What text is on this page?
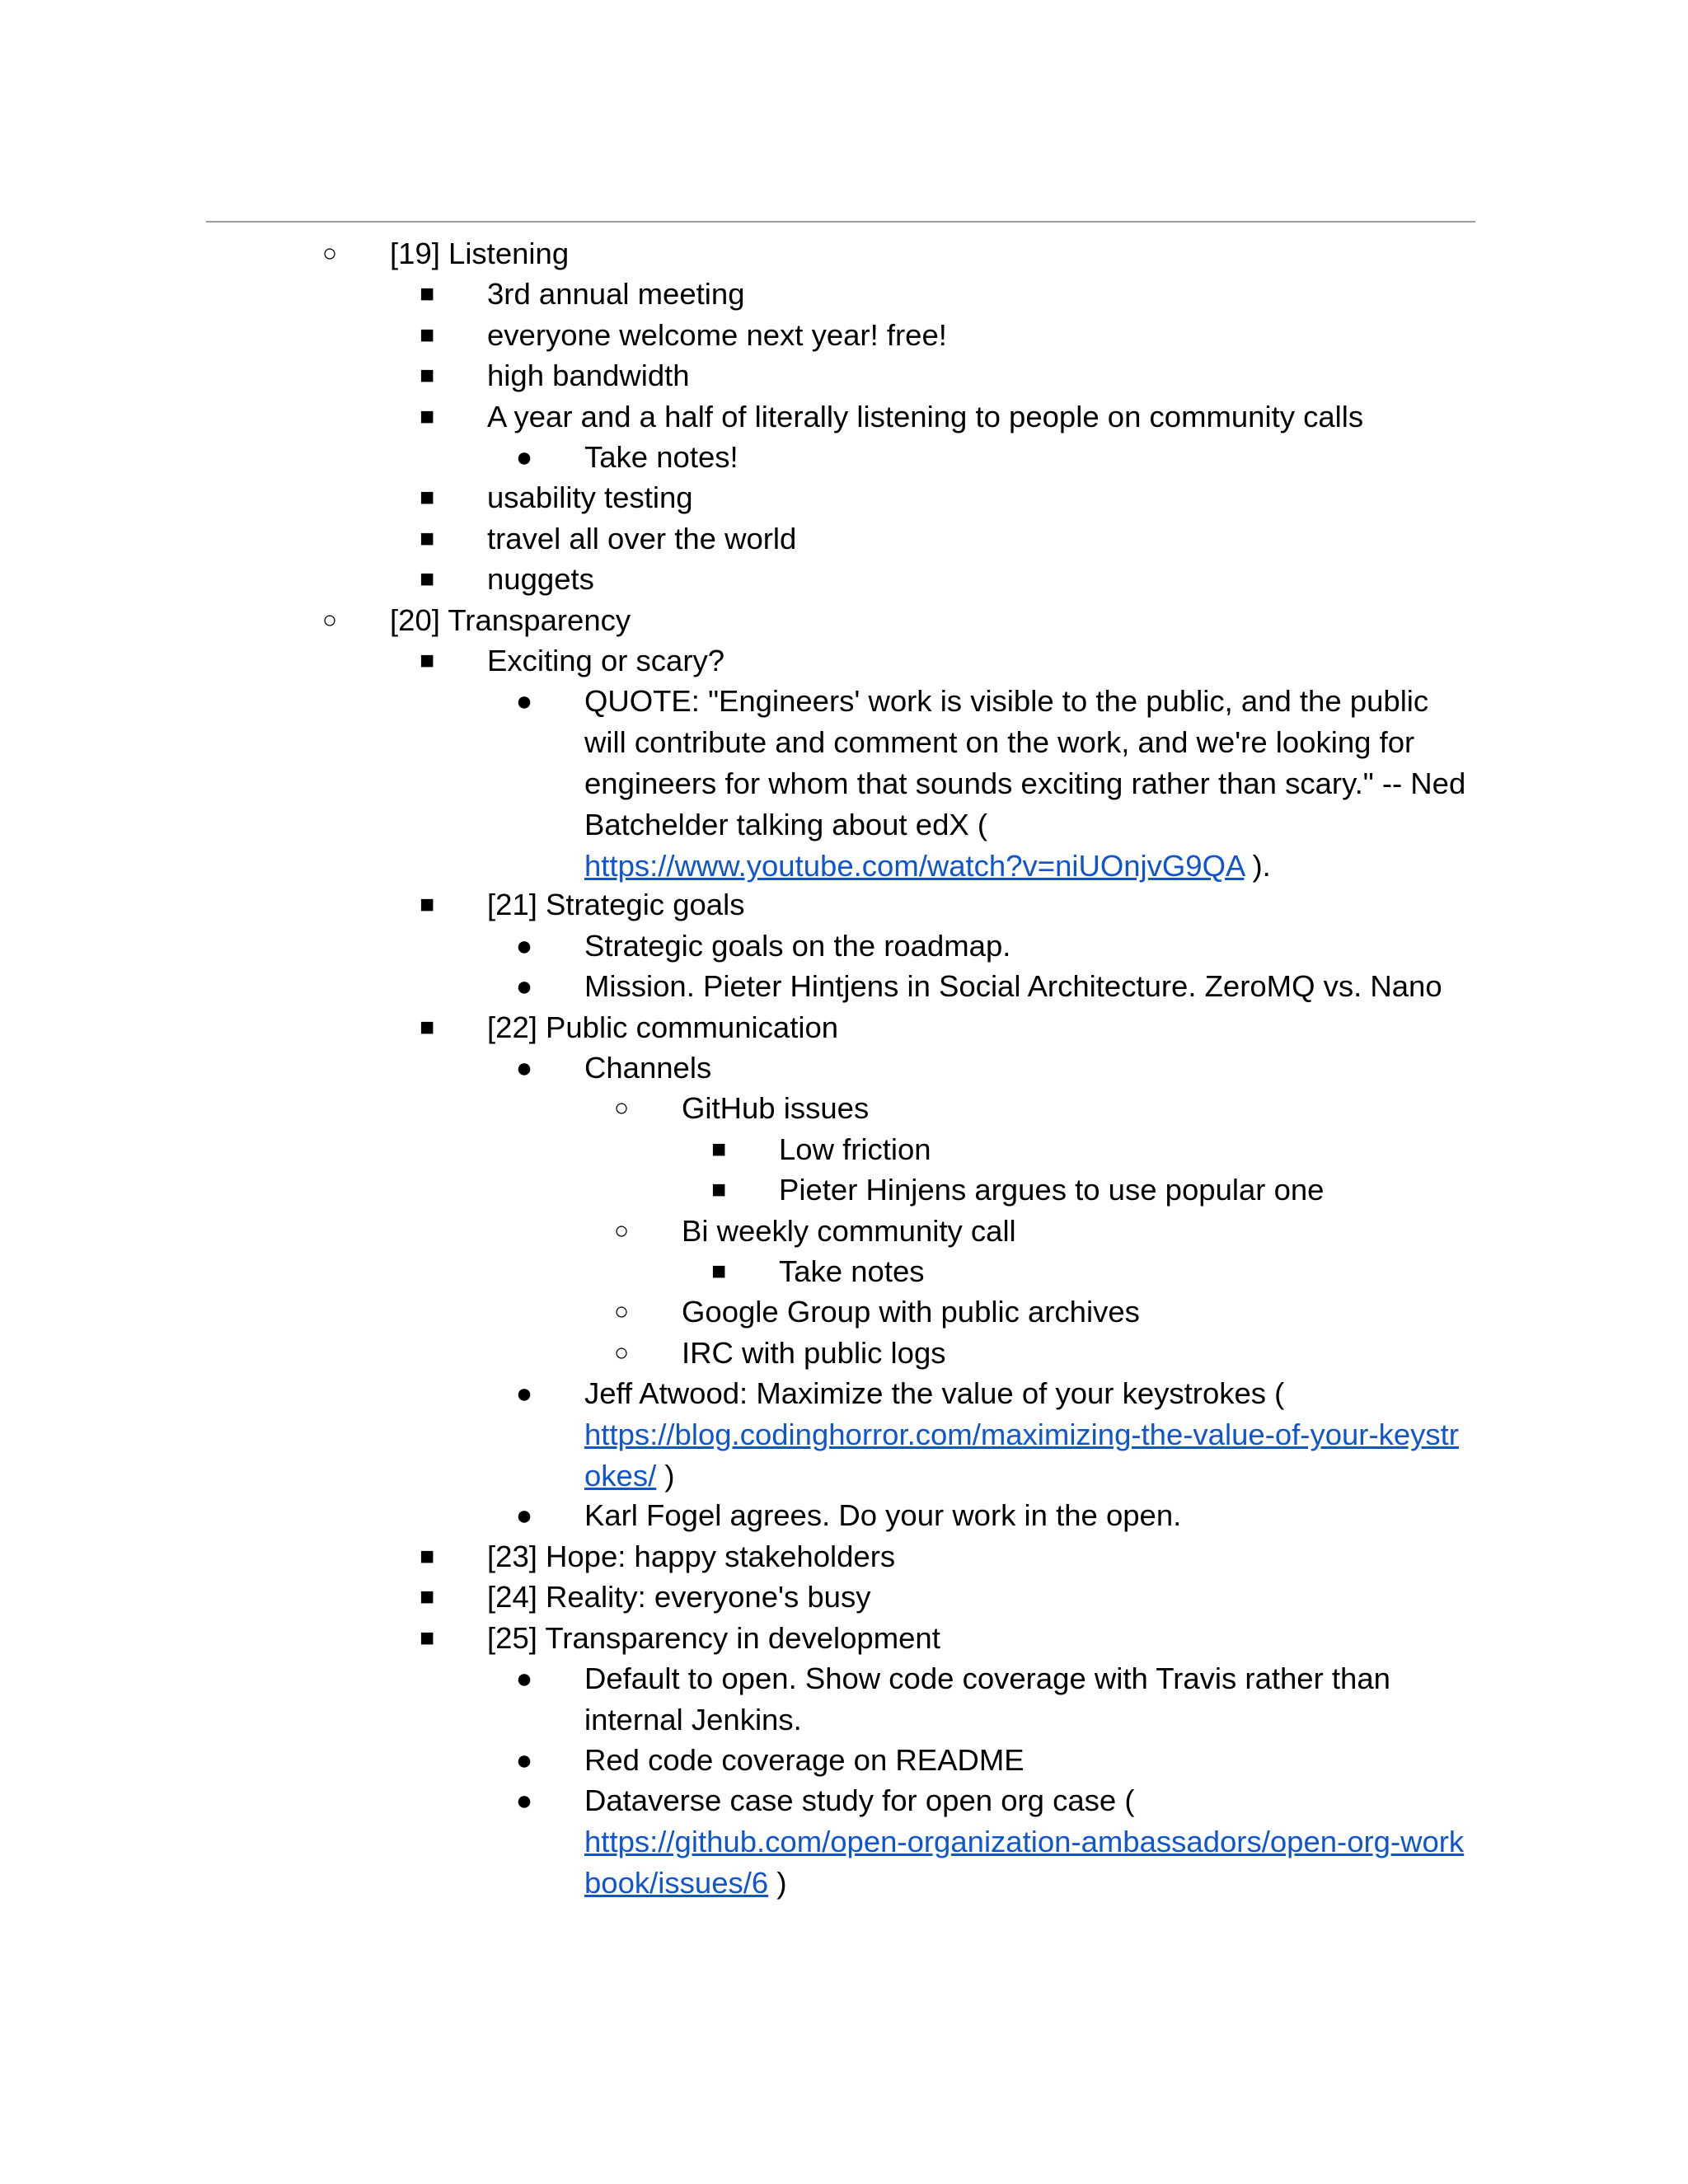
○	[19] Listening
■	3rd annual meeting
■	everyone welcome next year! free!
■	high bandwidth
■	A year and a half of literally listening to people on community calls
●	Take notes!
■	usability testing
■	travel all over the world
■	nuggets
○	[20] Transparency
■	Exciting or scary?
●	QUOTE: "Engineers' work is visible to the public, and the public
will contribute and comment on the work, and we're looking for
engineers for whom that sounds exciting rather than scary." -- Ned
Batchelder talking about edX (
https://www.youtube.com/watch?v=niUOnjvG9QA ).
■	[21] Strategic goals
●	Strategic goals on the roadmap.
●	Mission. Pieter Hintjens in Social Architecture. ZeroMQ vs. Nano
■	[22] Public communication
●	Channels
○	GitHub issues
■	Low friction
■	Pieter Hinjens argues to use popular one
○	Bi weekly community call
■	Take notes
○	Google Group with public archives
○	IRC with public logs
●	Jeff Atwood: Maximize the value of your keystrokes (
https://blog.codinghorror.com/maximizing-the-value-of-your-keystr
okes/ )
●	Karl Fogel agrees. Do your work in the open.
■	[23] Hope: happy stakeholders
■	[24] Reality: everyone's busy
■	[25] Transparency in development
●	Default to open. Show code coverage with Travis rather than
internal Jenkins.
●	Red code coverage on README
●	Dataverse case study for open org case (
https://github.com/open-organization-ambassadors/open-org-work
book/issues/6 )
